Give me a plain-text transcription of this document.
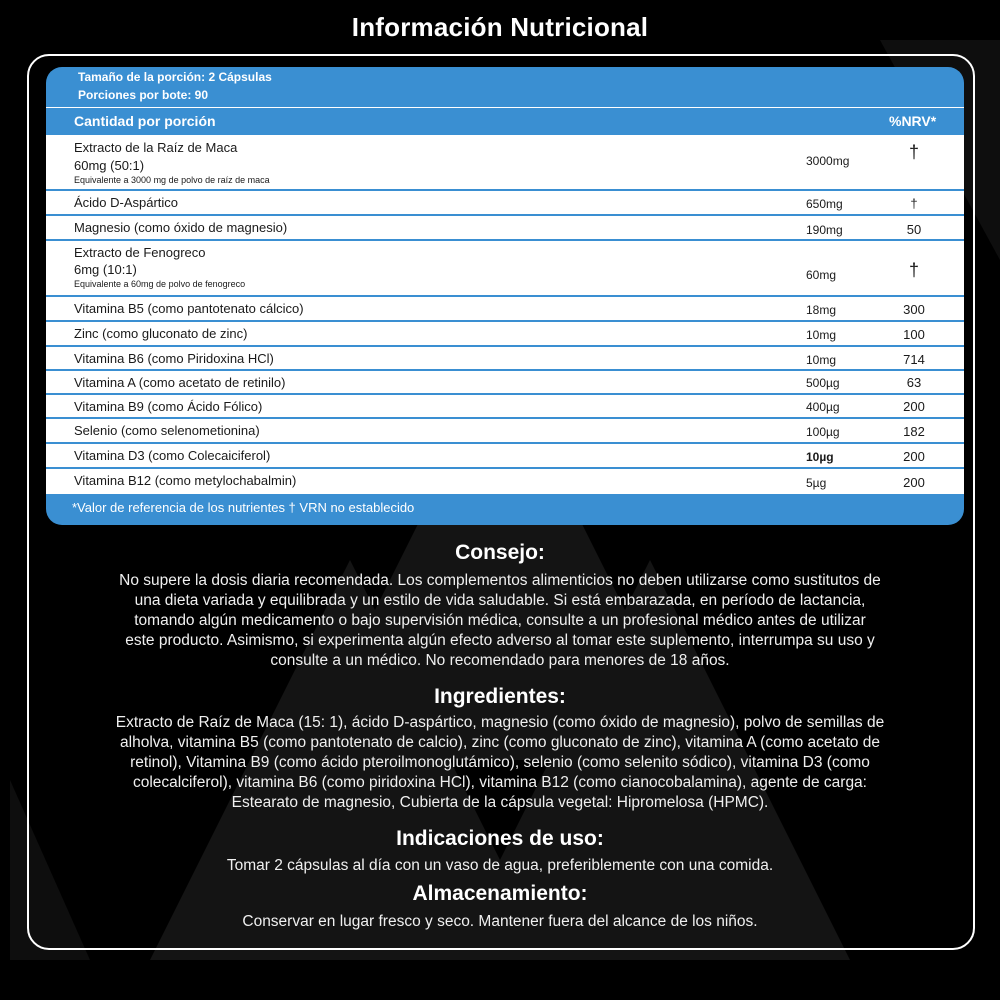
Información Nutricional
Tamaño de la porción: 2 Cápsulas
Porciones por bote: 90
Cantidad por porción	%NRV*
Extracto de la Raíz de Maca
60mg (50:1)
Equivalente a 3000 mg de polvo de raíz de maca
3000mg	†
Ácido D-Aspártico	650mg	†
Magnesio (como óxido de magnesio)	190mg	50
Extracto de Fenogreco
6mg (10:1)
Equivalente a 60mg de polvo de fenogreco
60mg	†
Vitamina B5 (como pantotenato cálcico)	18mg	300
Zinc (como gluconato de zinc)	10mg	100
Vitamina B6 (como Piridoxina HCl)	10mg	714
Vitamina A (como acetato de retinilo)	500µg	63
Vitamina B9 (como Ácido Fólico)	400µg	200
Selenio (como selenometionina)	100µg	182
Vitamina D3 (como Colecaiciferol)	10µg	200
Vitamina B12 (como metylochabalmin)	5µg	200
*Valor de referencia de los nutrientes † VRN no establecido
Consejo:

No supere la dosis diaria recomendada. Los complementos alimenticios no deben utilizarse como sustitutos de

una dieta variada y equilibrada y un estilo de vida saludable. Si está embarazada, en período de lactancia,

tomando algún medicamento o bajo supervisión médica, consulte a un profesional médico antes de utilizar

este producto. Asimismo, si experimenta algún efecto adverso al tomar este suplemento, interrumpa su uso y

consulte a un médico. No recomendado para menores de 18 años.

Ingredientes:

Extracto de Raíz de Maca (15: 1), ácido D-aspártico, magnesio (como óxido de magnesio), polvo de semillas de

alholva, vitamina B5 (como pantotenato de calcio), zinc (como gluconato de zinc), vitamina A (como acetato de

retinol), Vitamina B9 (como ácido pteroilmonoglutámico), selenio (como selenito sódico), vitamina D3 (como

colecalciferol), vitamina B6 (como piridoxina HCl), vitamina B12 (como cianocobalamina), agente de carga:

Estearato de magnesio, Cubierta de la cápsula vegetal: Hipromelosa (HPMC).

Indicaciones de uso:

Tomar 2 cápsulas al día con un vaso de agua, preferiblemente con una comida.

Almacenamiento:

Conservar en lugar fresco y seco. Mantener fuera del alcance de los niños.
